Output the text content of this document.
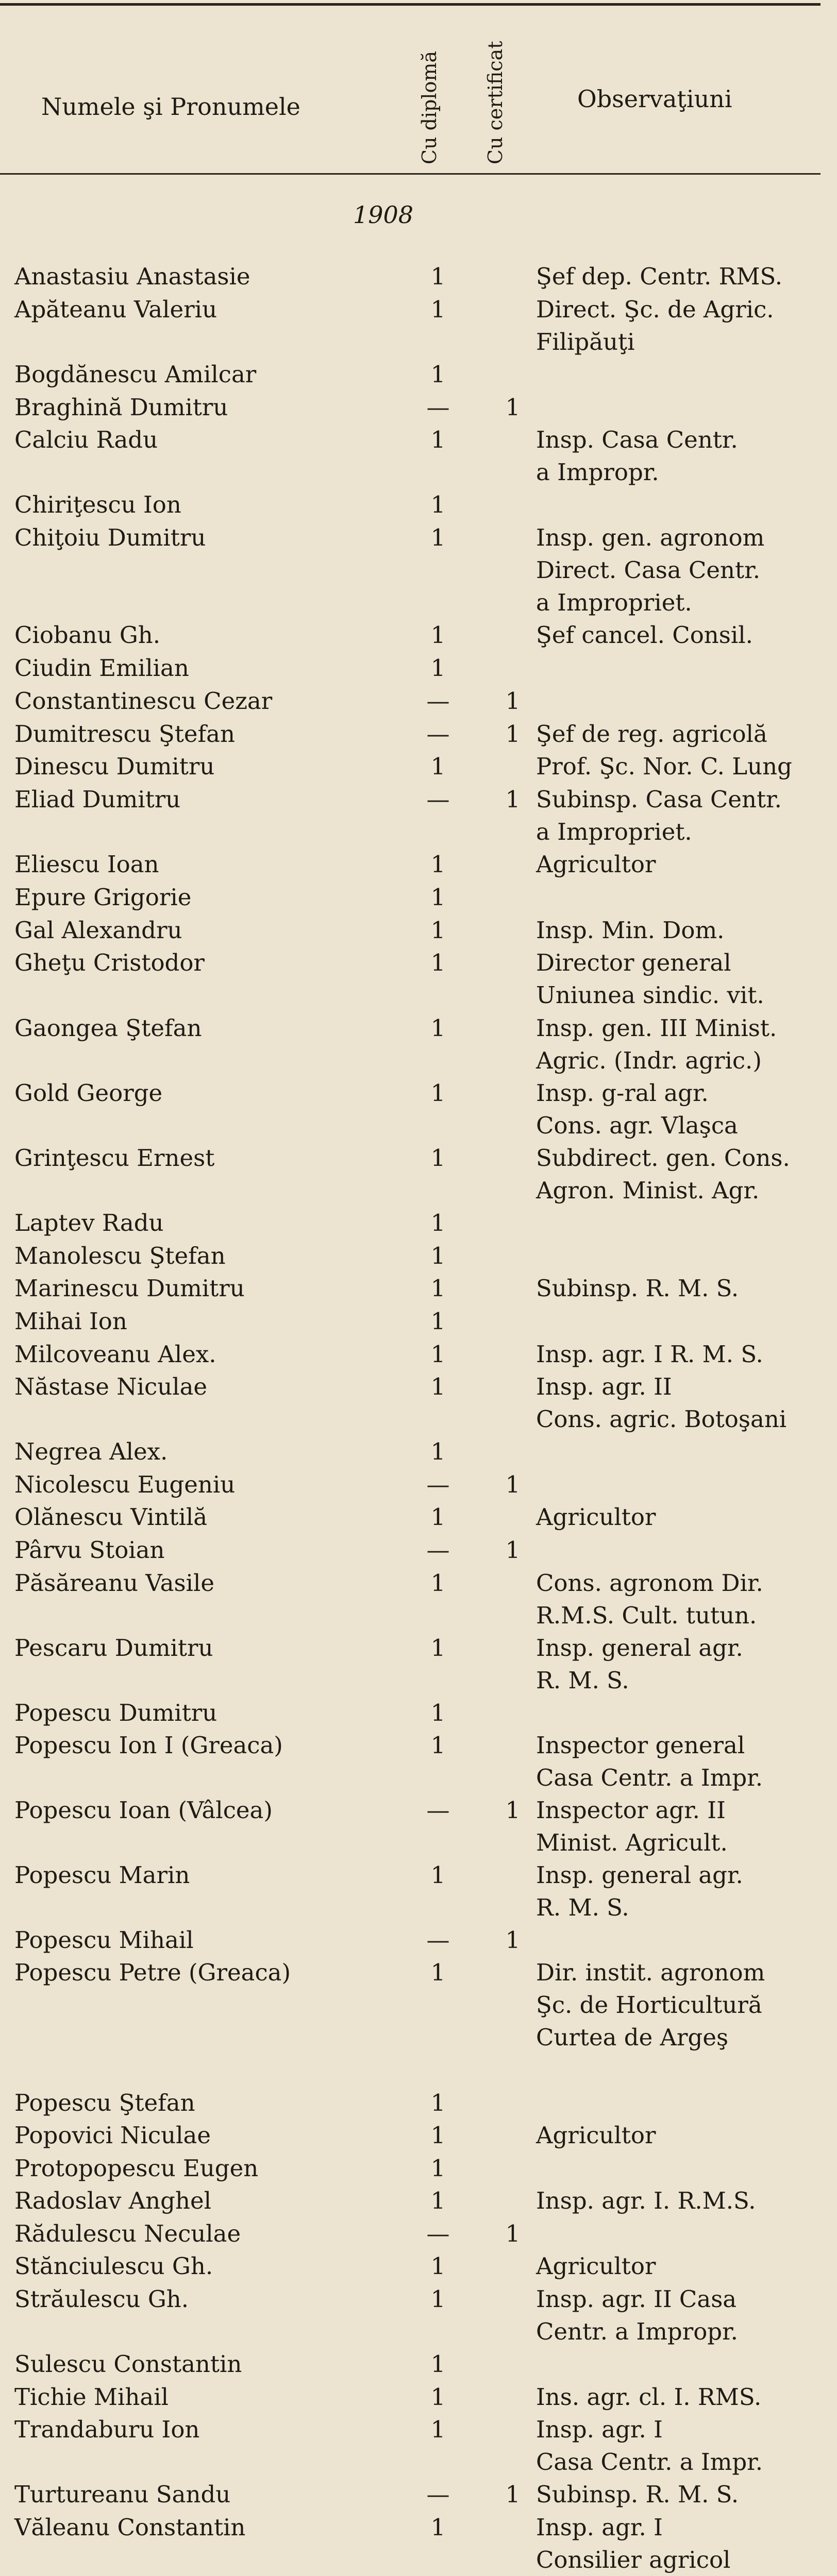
Numele şi Pronumele	Cu diplomă Cu certificat	Observaţiuni
1908
Anastasiu Anastasie	1	Şef dep. Centr. RMS.
Apăteanu Valeriu	1	Direct. Şc. de Agric.
Filipăuţi
Bogdănescu Amilcar	1
Braghină Dumitru	— 1
Calciu Radu	1	Insp. Casa Centr.
a Impropr.
Chiriţescu Ion	1
Chiţoiu Dumitru	1	Insp. gen. agronom
Direct. Casa Centr.
a Impropriet.
Ciobanu Gh.	1	Şef cancel. Consil.
Ciudin Emilian	1
Constantinescu Cezar	— 1
Dumitrescu Ştefan	— 1 Şef de reg. agricolă
Dinescu Dumitru	1	Prof. Şc. Nor. C. Lung
Eliad Dumitru	— 1 Subinsp. Casa Centr.
a Impropriet.
Eliescu Ioan	1	Agricultor
Epure Grigorie	1
Gal Alexandru	1	Insp. Min. Dom.
Gheţu Cristodor	1	Director general
Uniunea sindic. vit.
Gaongea Ştefan	1	Insp. gen. III Minist.
Agric. (Indr. agric.)
Gold George	1	Insp. g-ral agr.
Cons. agr. Vlaşca
Grinţescu Ernest	1	Subdirect. gen. Cons.
Agron. Minist. Agr.
Laptev Radu	1
Manolescu Ştefan	1
Marinescu Dumitru	1	Subinsp. R. M. S.
Mihai Ion	1
Milcoveanu Alex.	1	Insp. agr. I R. M. S.
Năstase Niculae	1	Insp. agr. II
Cons. agric. Botoşani
Negrea Alex.	1
Nicolescu Eugeniu	— 1
Olănescu Vintilă	1	Agricultor
Pârvu Stoian	— 1
Păsăreanu Vasile	1	Cons. agronom Dir.
R.M.S. Cult. tutun.
Pescaru Dumitru	1	Insp. general agr.
R. M. S.
Popescu Dumitru	1
Popescu Ion I (Greaca)	1	Inspector general
Casa Centr. a Impr.
Popescu Ioan (Vâlcea)	— 1 Inspector agr. II
Minist. Agricult.
Popescu Marin	1	Insp. general agr.
R. M. S.
Popescu Mihail	— 1
Popescu Petre (Greaca)	1	Dir. instit. agronom
Şc. de Horticultură
Curtea de Argeş
Popescu Ştefan	1
Popovici Niculae	1	Agricultor
Protopopescu Eugen	1
Radoslav Anghel	1	Insp. agr. I. R.M.S.
Rădulescu Neculae	— 1
Stănciulescu Gh.	1	Agricultor
Străulescu Gh.	1	Insp. agr. II Casa
Centr. a Impropr.
Sulescu Constantin	1
Tichie Mihail	1	Ins. agr. cl. I. RMS.
Trandaburu Ion	1	Insp. agr. I
Casa Centr. a Impr.
Turtureanu Sandu	— 1 Subinsp. R. M. S.
Văleanu Constantin	1	Insp. agr. I
Consilier agricol
